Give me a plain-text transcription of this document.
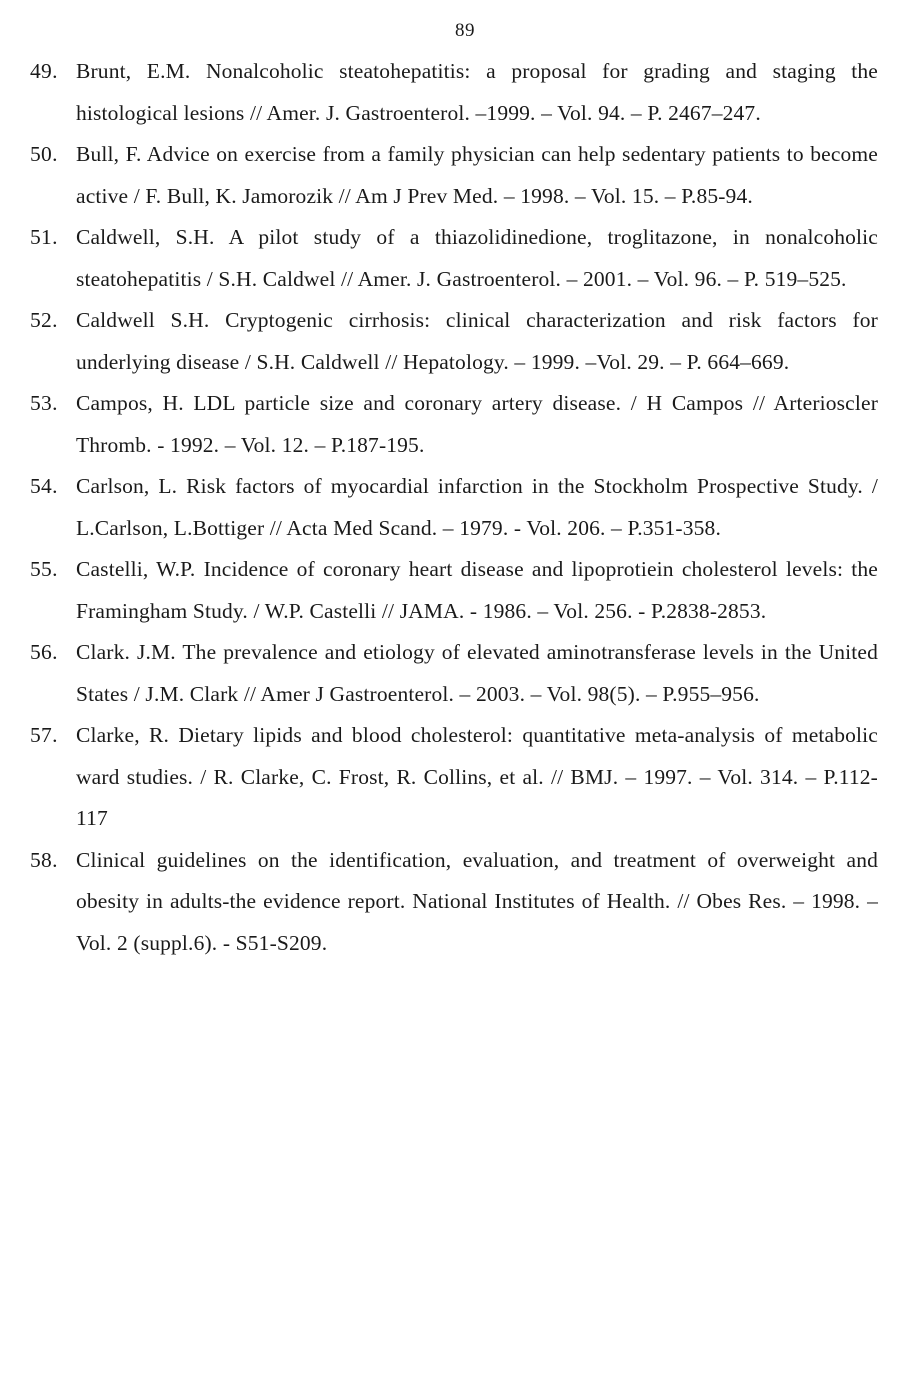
89
49. Brunt, E.M. Nonalcoholic steatohepatitis: a proposal for grading and staging the histological lesions // Amer. J. Gastroenterol. –1999. – Vol. 94. – P. 2467–247.
50. Bull, F. Advice on exercise from a family physician can help sedentary patients to become active / F. Bull, K. Jamorozik // Am J Prev Med. – 1998. – Vol. 15. – P.85-94.
51. Caldwell, S.H. A pilot study of a thiazolidinedione, troglitazone, in nonalcoholic steatohepatitis / S.H. Caldwel // Amer. J. Gastroenterol. – 2001. – Vol. 96. – P. 519–525.
52. Caldwell S.H. Cryptogenic cirrhosis: clinical characterization and risk factors for underlying disease / S.H. Caldwell // Hepatology. – 1999. –Vol. 29. – P. 664–669.
53. Campos, H. LDL particle size and coronary artery disease. / H Campos // Arterioscler Thromb. - 1992. – Vol. 12. – P.187-195.
54. Carlson, L. Risk factors of myocardial infarction in the Stockholm Prospective Study. / L.Carlson, L.Bottiger // Acta Med Scand. – 1979. - Vol. 206. – P.351-358.
55. Castelli, W.P. Incidence of coronary heart disease and lipoprotiein cholesterol levels: the Framingham Study. / W.P. Castelli // JAMA. - 1986. – Vol. 256. - P.2838-2853.
56. Clark. J.M. The prevalence and etiology of elevated aminotransferase levels in the United States / J.M. Clark // Amer J Gastroenterol. – 2003. – Vol. 98(5). – P.955–956.
57. Clarke, R. Dietary lipids and blood cholesterol: quantitative meta-analysis of metabolic ward studies. / R. Clarke, C. Frost, R. Collins, et al. // BMJ. – 1997. – Vol. 314. – P.112-117
58. Clinical guidelines on the identification, evaluation, and treatment of overweight and obesity in adults-the evidence report. National Institutes of Health. // Obes Res. – 1998. – Vol. 2 (suppl.6). - S51-S209.
